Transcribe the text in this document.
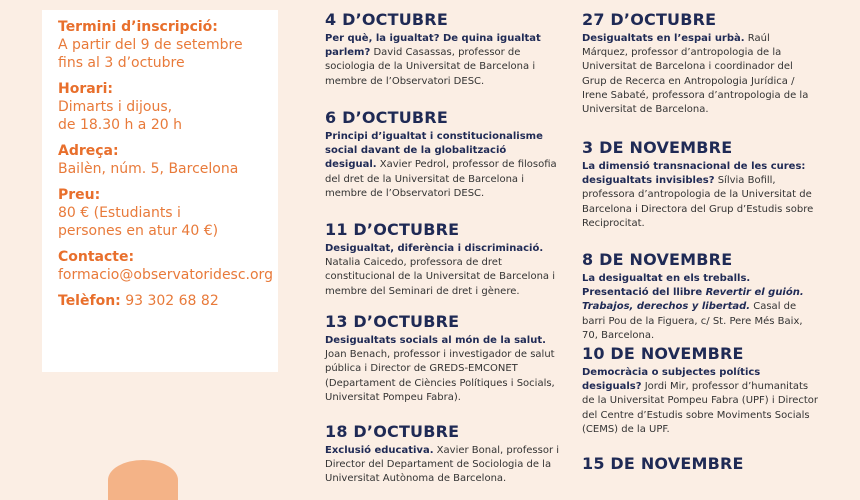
Termini d’inscripció:
A partir del 9 de setembre
fins al 3 d’octubre
Horari:
Dimarts i dijous,
de 18.30 h a 20 h
Adreça:
Bailèn, núm. 5, Barcelona
Preu:
80 € (Estudiants i
persones en atur 40 €)
Contacte:
formacio@observatoridesc.org
Telèfon: 93 302 68 82
4 D’OCTUBRE
Per què, la igualtat? De quina igualtat parlem? David Casassas, professor de sociologia de la Universitat de Barcelona i membre de l’Observatori DESC.
6 D’OCTUBRE
Principi d’igualtat i constitucionalisme social davant de la globalització desigual. Xavier Pedrol, professor de filosofia del dret de la Universitat de Barcelona i membre de l’Observatori DESC.
11 D’OCTUBRE
Desigualtat, diferència i discriminació. Natalia Caicedo, professora de dret constitucional de la Universitat de Barcelona i membre del Seminari de dret i gènere.
13 D’OCTUBRE
Desigualtats socials al món de la salut. Joan Benach, professor i investigador de salut pública i Director de GREDS-EMCONET (Departament de Ciències Polítiques i Socials, Universitat Pompeu Fabra).
18 D’OCTUBRE
Exclusió educativa. Xavier Bonal, professor i Director del Departament de Sociologia de la Universitat Autònoma de Barcelona.
27 D’OCTUBRE
Desigualtats en l’espai urbà. Raúl Márquez, professor d’antropologia de la Universitat de Barcelona i coordinador del Grup de Recerca en Antropologia Jurídica / Irene Sabaté, professora d’antropologia de la Universitat de Barcelona.
3 DE NOVEMBRE
La dimensió transnacional de les cures: desigualtats invisibles? Sílvia Bofill, professora d’antropologia de la Universitat de Barcelona i Directora del Grup d’Estudis sobre Reciprocitat.
8 DE NOVEMBRE
La desigualtat en els treballs. Presentació del llibre Revertir el guión. Trabajos, derechos y libertad. Casal de barri Pou de la Figuera, c/ St. Pere Més Baix, 70, Barcelona.
10 DE NOVEMBRE
Democràcia o subjectes polítics desiguals? Jordi Mir, professor d’humanitats de la Universitat Pompeu Fabra (UPF) i Director del Centre d’Estudis sobre Moviments Socials (CEMS) de la UPF.
15 DE NOVEMBRE
